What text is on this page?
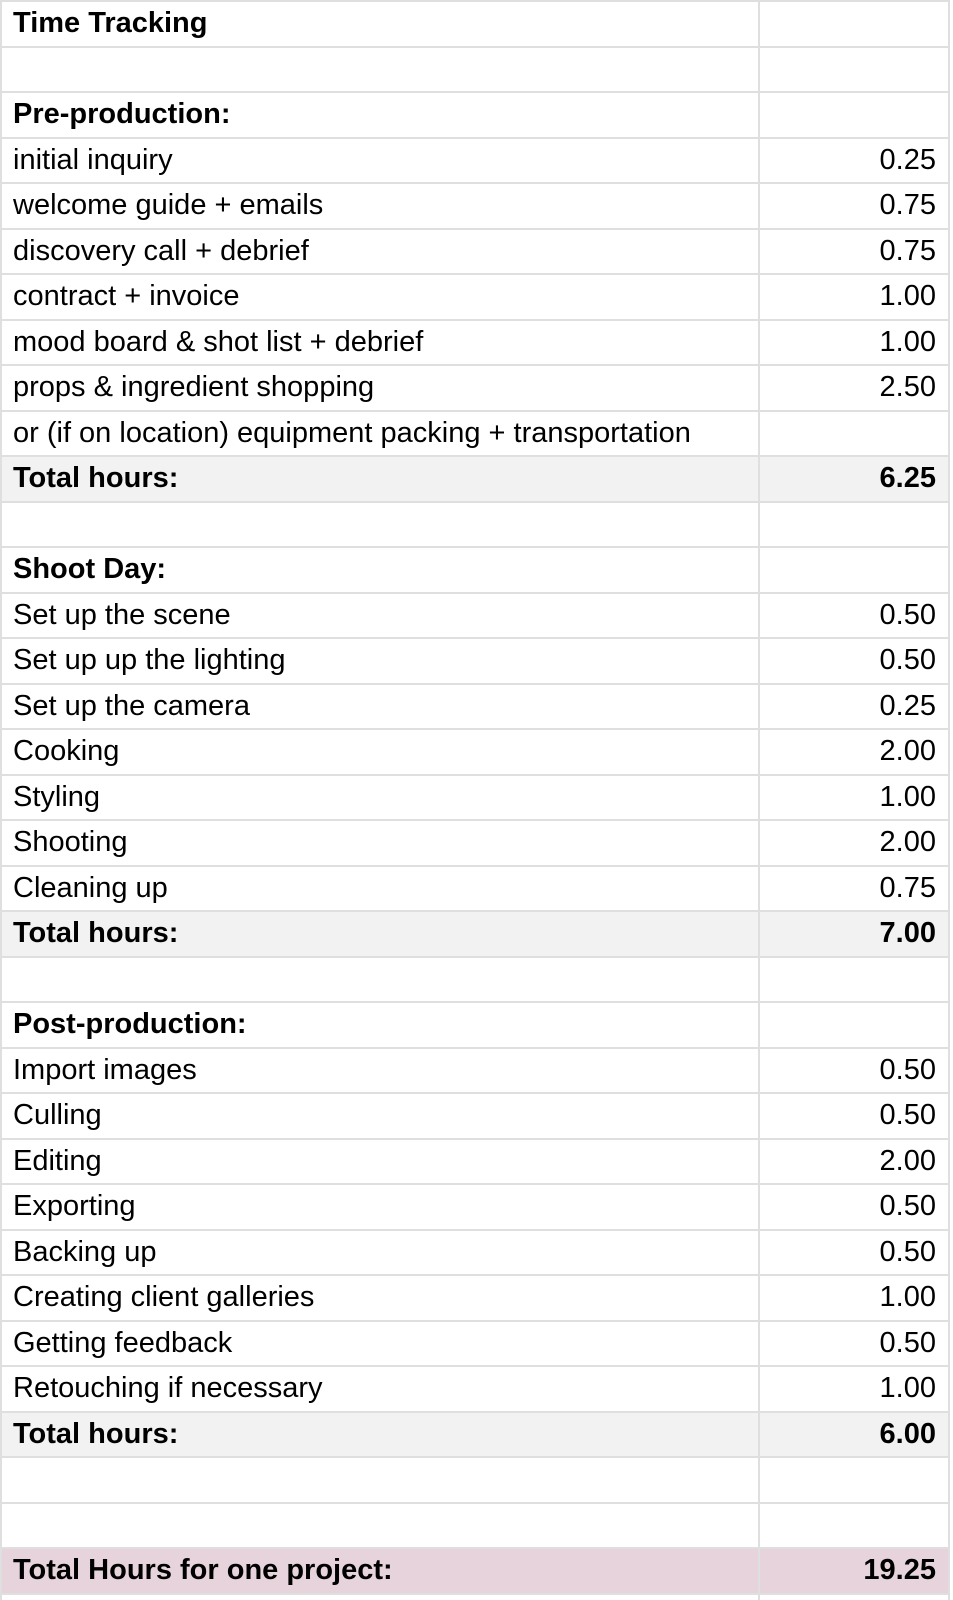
Time Tracking
Pre-production:
initial inquiry	0.25
welcome guide + emails	0.75
discovery call + debrief	0.75
contract + invoice	1.00
mood board & shot list + debrief	1.00
props & ingredient shopping	2.50
or (if on location) equipment packing + transportation
Total hours:	6.25
Shoot Day:
Set up the scene	0.50
Set up up the lighting	0.50
Set up the camera	0.25
Cooking	2.00
Styling	1.00
Shooting	2.00
Cleaning up	0.75
Total hours:	7.00
Post-production:
Import images	0.50
Culling	0.50
Editing	2.00
Exporting	0.50
Backing up	0.50
Creating client galleries	1.00
Getting feedback	0.50
Retouching if necessary	1.00
Total hours:	6.00
Total Hours for one project:	19.25
